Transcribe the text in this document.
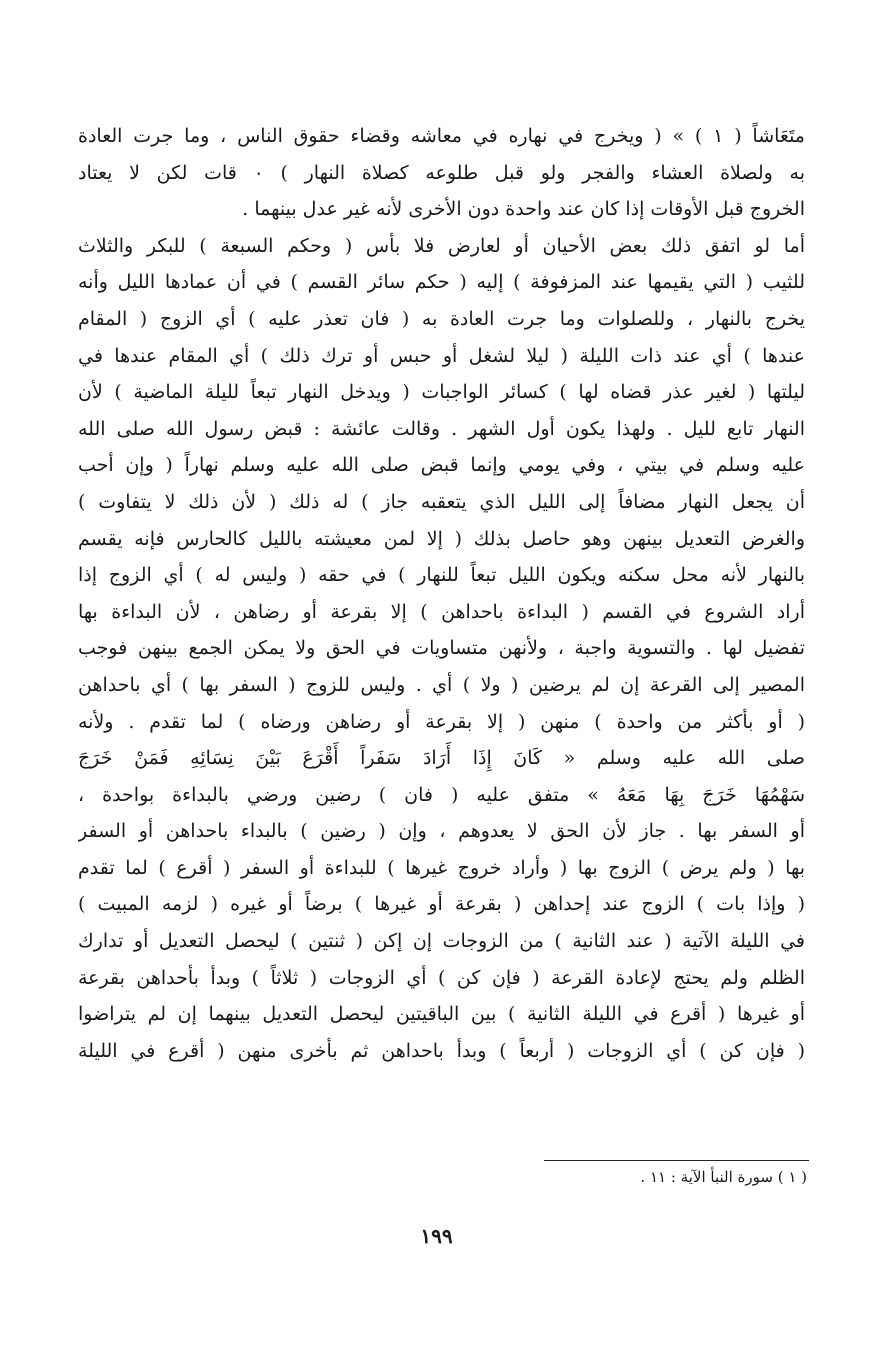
متَعَاشاً ( ١ ) » ( ويخرج في نهاره في معاشه وقضاء حقوق الناس ، وما جرت العادة
به ولصلاة العشاء والفجر ولو قبل طلوعه كصلاة النهار ) ۰ قات لكن لا يعتاد
الخروج قبل الأوقات إذا كان عند واحدة دون الأخرى لأنه غير عدل بينهما .
أما لو اتفق ذلك بعض الأحيان أو لعارض فلا بأس ( وحكم السبعة ) للبكر والثلاث
للثيب ( التي يقيمها عند المزفوفة ) إليه ( حكم سائر القسم ) في أن عمادها الليل وأنه
يخرج بالنهار ، وللصلوات وما جرت العادة به ( فان تعذر عليه ) أي الزوج ( المقام
عندها ) أي عند ذات الليلة ( ليلا لشغل أو حبس أو ترك ذلك ) أي المقام عندها في
ليلتها ( لغير عذر قضاه لها ) كسائر الواجبات ( ويدخل النهار تبعاً لليلة الماضية ) لأن
النهار تابع لليل . ولهذا يكون أول الشهر . وقالت عائشة : قبض رسول الله صلى الله
عليه وسلم في بيتي ، وفي يومي وإنما قبض صلى الله عليه وسلم نهاراً ( وإن أحب
أن يجعل النهار مضافاً إلى الليل الذي يتعقبه جاز ) له ذلك ( لأن ذلك لا يتفاوت )
والغرض التعديل بينهن وهو حاصل بذلك ( إلا لمن معيشته بالليل كالحارس فإنه يقسم
بالنهار لأنه محل سكنه ويكون الليل تبعاً للنهار ) في حقه ( وليس له ) أي الزوج إذا
أراد الشروع في القسم ( البداءة باحداهن ) إلا بقرعة أو رضاهن ، لأن البداءة بها
تفضيل لها . والتسوية واجبة ، ولأنهن متساويات في الحق ولا يمكن الجمع بينهن فوجب
المصير إلى القرعة إن لم يرضين ( ولا ) أي . وليس للزوج ( السفر بها ) أي باحداهن
( أو بأكثر من واحدة ) منهن ( إلا بقرعة أو رضاهن ورضاه ) لما تقدم . ولأنه
صلى الله عليه وسلم « كَانَ إِذَا أَرَادَ سَفَراً أَقْرَعَ بَيْنَ نِسَائِهِ فَمَنْ خَرَجَ
سَهْمُهَا خَرَجَ بِهَا مَعَهُ » متفق عليه ( فان ) رضين ورضي بالبداءة بواحدة ،
أو السفر بها . جاز لأن الحق لا يعدوهم ، وإن ( رضين ) بالبداء باحداهن أو السفر
بها ( ولم يرض ) الزوج بها ( وأراد خروج غيرها ) للبداءة أو السفر ( أقرع ) لما تقدم
( وإذا بات ) الزوج عند إحداهن ( بقرعة أو غيرها ) برضاً أو غيره ( لزمه المبيت )
في الليلة الآتية ( عند الثانية ) من الزوجات إن إكن ( ثنتين ) ليحصل التعديل أو تدارك
الظلم ولم يحتج لإعادة القرعة ( فإن كن ) أي الزوجات ( ثلاثاً ) وبدأ بأحداهن بقرعة
أو غيرها ( أقرع في الليلة الثانية ) بين الباقيتين ليحصل التعديل بينهما إن لم يتراضوا
( فإن كن ) أي الزوجات ( أربعاً ) وبدأ باحداهن ثم بأخرى منهن ( أقرع في الليلة
( ١ ) سورة النبأ الآية : ١١ .
١٩٩
